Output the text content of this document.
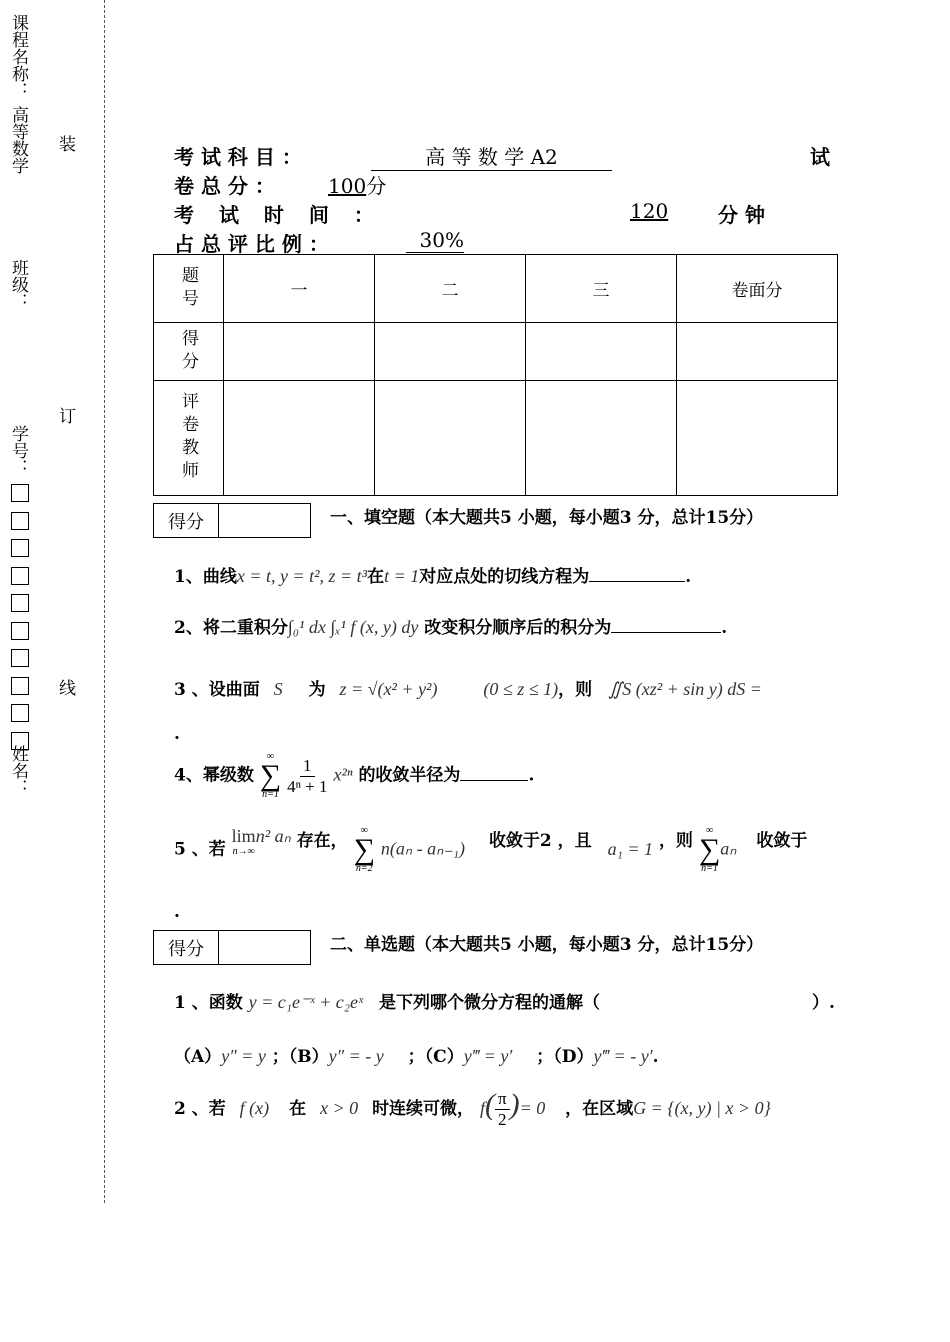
课程名称：
高等数学
班级：
学号：
姓名：
装
订
线
考 试 科 目 ：	高 等 数 学 A2	试
卷 总 分 ：	100分
考 试 时 间 ：	120 分 钟
占 总 评 比 例 ：	30%
题号	一	二	三	卷面分

得分				

评卷教师				

得分	一、填空题（本大题共5 小题，每小题3 分，总计15分）
1、曲线x = t, y = t², z = t³在t = 1对应点处的切线方程为	.
2、将二重积分∫₀¹ dx ∫ₓ¹ f (x, y) dy 改变积分顺序后的积分为	.
3 、设曲面 S 为 z = √(x² + y²)	(0 ≤ z ≤ 1)，则 ∬S (xz² + sin y) dS =
.
4、幂级数
∞
∑
n=1
$\frac{1}{\text{4ⁿ + 1}} x^{2n}$ 的收敛半径为	.
5 、若
lim
n→∞
n² aₙ 存在，
∞
∑
n=2
n(aₙ - aₙ₋₁) 收敛于2 ，且 a₁ = 1 ，则
∞
∑
n=1
aₙ 收敛于
.
得分	二、单选题（本大题共5 小题，每小题3 分，总计15分）
1 、函数 y = c₁e⁻ˣ + c₂eˣ 是下列哪个微分方程的通解（	）.
（A）y″ = y ；（B）y″ = - y ；（C）y‴ = y′ ；（D）y‴ = - y′.
2 、若 f (x) 在 x > 0 时连续可微， $f( \frac{\pi}{2}$ )= 0 ，在区域G = {(x, y) | x > 0}
